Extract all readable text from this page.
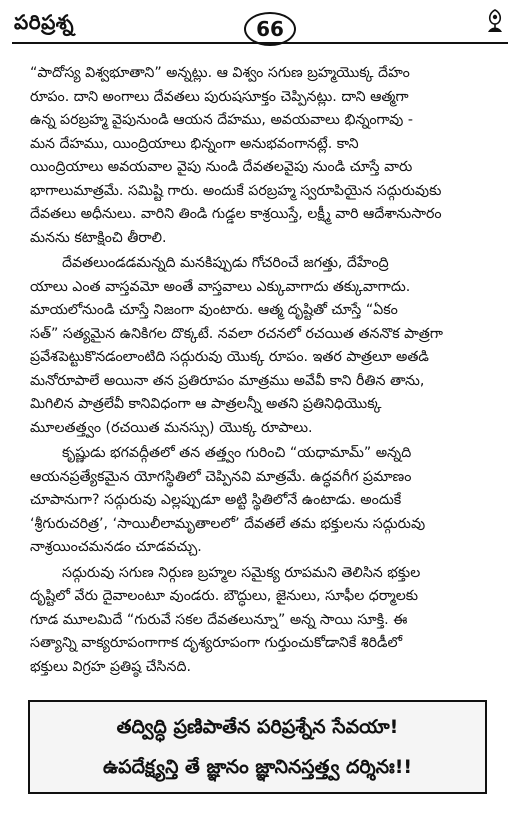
పరిప్రశ్న	66
“పాదోస్య విశ్వభూతాని” అన్నట్లు. ఆ విశ్వం సగుణ బ్రహ్మయొక్క దేహం
రూపం. దాని అంగాలు దేవతలు పురుషసూక్తం చెప్పినట్లు. దాని ఆత్మగా
ఉన్న పరబ్రహ్మ వైపునుండి ఆయన దేహము, అవయవాలు భిన్నంగావు -
మన దేహము, యింద్రియాలు భిన్నంగా అనుభవంగానట్లే. కాని
యింద్రియాలు అవయవాల వైపు నుండి దేవతలవైపు నుండి చూస్తే వారు
భాగాలుమాత్రమే. సమిష్టి గారు. అందుకే పరబ్రహ్మ స్వరూపియైన సద్గురువుకు
దేవతలు అధీనులు. వారిని తిండి గుడ్డల కాశ్రయిస్తే, లక్ష్మీ వారి ఆదేశానుసారం
మనను కటాక్షించి తీరాలి.
దేవతలుండడమన్నది మనకిప్పుడు గోచరించే జగత్తు, దేహేంద్రి
యాలు ఎంత వాస్తవమో అంతే వాస్తవాలు ఎక్కువాగాదు తక్కువాగాదు.
మాయలోనుండి చూస్తే నిజంగా వుంటారు. ఆత్మ దృష్టితో చూస్తే “ఏకం
సత్” సత్యమైన ఉనికిగల దొక్కటే. నవలా రచనలో రచయిత తననొక పాత్రగా
ప్రవేశపెట్టుకొనడంలాంటిది సద్గురువు యొక్క రూపం. ఇతర పాత్రలూ అతడి
మనోరూపాలే అయినా తన ప్రతిరూపం మాత్రము అవేవీ కాని రీతిన తాను,
మిగిలిన పాత్రలేవీ కానివిధంగా ఆ పాత్రలన్నీ అతని ప్రతినిధియొక్క
మూలతత్త్వం (రచయిత మనస్సు) యొక్క రూపాలు.
కృష్ణుడు భగవద్గీతలో తన తత్త్వం గురించి “యధామామ్” అన్నది
ఆయనప్రత్యేకమైన యోగస్థితిలో చెప్పినవి మాత్రమే. ఉద్ధవగీగ ప్రమాణం
చూపానుగా? సద్గురువు ఎల్లప్పుడూ అట్టి స్థితిలోనే ఉంటాడు. అందుకే
‘శ్రీగురుచరిత్ర’, ‘సాయిలీలామృతాలలో’ దేవతలే తమ భక్తులను సద్గురువు
నాశ్రయించమనడం చూడవచ్చు.
సద్గురువు సగుణ నిర్గుణ బ్రహ్మల సమైక్య రూపమని తెలిసిన భక్తుల
దృష్టిలో వేరు దైవాలంటూ వుండరు. బౌద్ధులు, జైనులు, సూఫీల ధర్మాలకు
గూడ మూలమిదే “గురువే సకల దేవతలున్నూ” అన్న సాయి సూక్తి. ఈ
సత్యాన్ని వాక్యరూపంగాగాక దృశ్యరూపంగా గుర్తుంచుకోడానికే శిరిడీలో
భక్తులు విగ్రహ ప్రతిష్ఠ చేసినది.
తద్విద్ధి ప్రణిపాతేన పరిప్రశ్నేన సేవయా!
ఉపదేక్ష్యన్తి తే జ్ఞానం జ్ఞానినస్తత్త్వ దర్శినః!!
